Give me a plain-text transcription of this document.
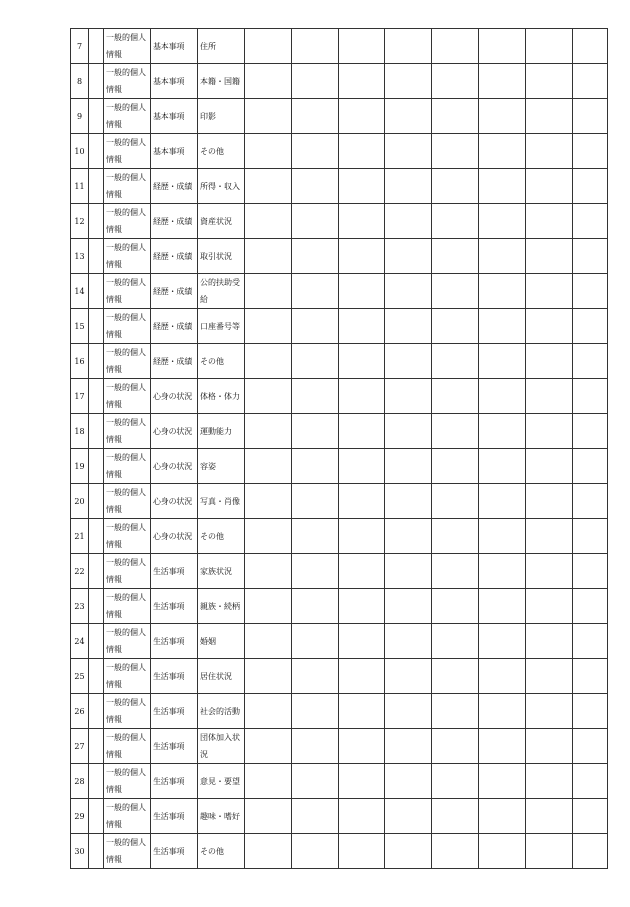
7		一般的個人
情報	基本事項	住所								
8		一般的個人
情報	基本事項	本籍・国籍								
9		一般的個人
情報	基本事項	印影								
10		一般的個人
情報	基本事項	その他								
11		一般的個人
情報	経歴・成績	所得・収入								
12		一般的個人
情報	経歴・成績	資産状況								
13		一般的個人
情報	経歴・成績	取引状況								
14		一般的個人
情報	経歴・成績	公的扶助受
給								
15		一般的個人
情報	経歴・成績	口座番号等								
16		一般的個人
情報	経歴・成績	その他								
17		一般的個人
情報	心身の状況	体格・体力								
18		一般的個人
情報	心身の状況	運動能力								
19		一般的個人
情報	心身の状況	容姿								
20		一般的個人
情報	心身の状況	写真・肖像								
21		一般的個人
情報	心身の状況	その他								
22		一般的個人
情報	生活事項	家族状況								
23		一般的個人
情報	生活事項	親族・続柄								
24		一般的個人
情報	生活事項	婚姻								
25		一般的個人
情報	生活事項	居住状況								
26		一般的個人
情報	生活事項	社会的活動								
27		一般的個人
情報	生活事項	団体加入状
況								
28		一般的個人
情報	生活事項	意見・要望								
29		一般的個人
情報	生活事項	趣味・嗜好								
30		一般的個人
情報	生活事項	その他								
